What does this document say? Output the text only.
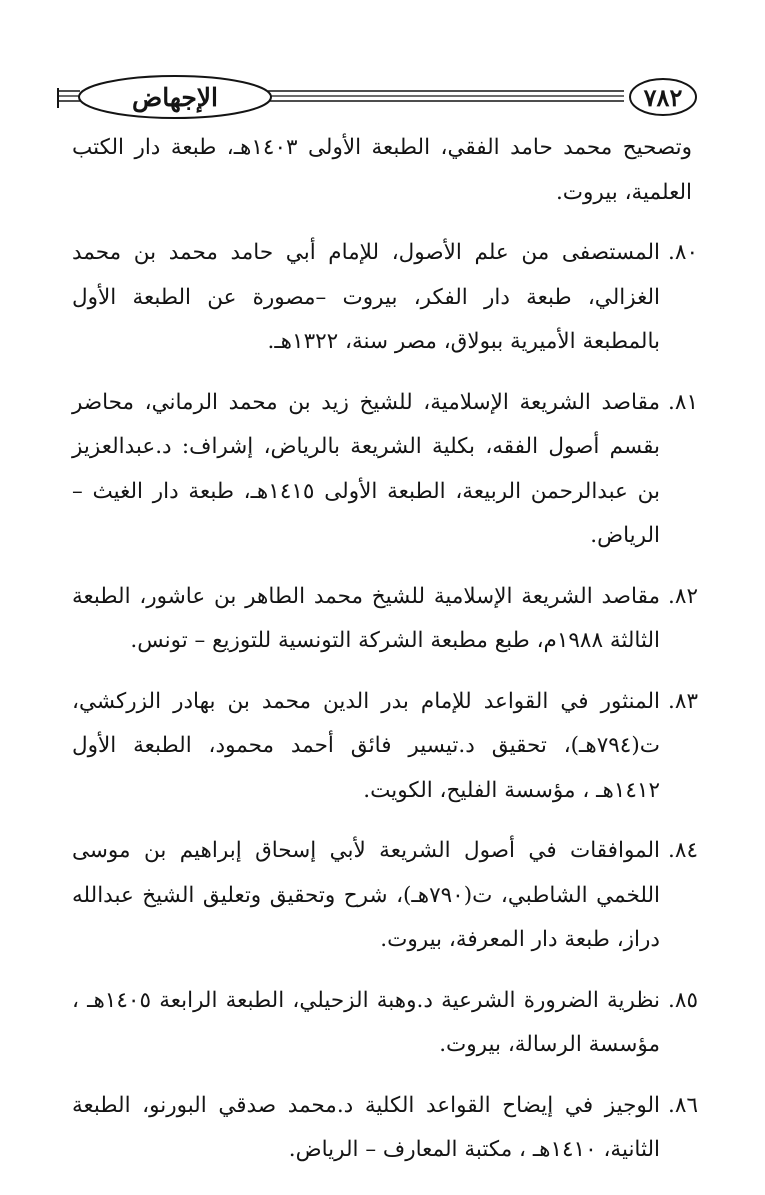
الإجهاض	٧٨٢

وتصحيح محمد حامد الفقي، الطبعة الأولى ١٤٠٣هـ، طبعة دار الكتب العلمية، بيروت.

٨٠.
المستصفى من علم الأصول، للإمام أبي حامد محمد بن محمد الغزالي، طبعة دار الفكر، بيروت –مصورة عن الطبعة الأول بالمطبعة الأميرية ببولاق، مصر سنة، ١٣٢٢هـ.

٨١.
مقاصد الشريعة الإسلامية، للشيخ زيد بن محمد الرماني، محاضر بقسم أصول الفقه، بكلية الشريعة بالرياض، إشراف: د.عبدالعزيز بن عبدالرحمن الربيعة، الطبعة الأولى ١٤١٥هـ، طبعة دار الغيث – الرياض.

٨٢.
مقاصد الشريعة الإسلامية للشيخ محمد الطاهر بن عاشور، الطبعة الثالثة ١٩٨٨م، طبع مطبعة الشركة التونسية للتوزيع – تونس.

٨٣.
المنثور في القواعد للإمام بدر الدين محمد بن بهادر الزركشي، ت(٧٩٤هـ)، تحقيق د.تيسير فائق أحمد محمود، الطبعة الأول ١٤١٢هـ ، مؤسسة الفليح، الكويت.

٨٤.
الموافقات في أصول الشريعة لأبي إسحاق إبراهيم بن موسى اللخمي الشاطبي، ت(٧٩٠هـ)، شرح وتحقيق وتعليق الشيخ عبدالله دراز، طبعة دار المعرفة، بيروت.

٨٥.
نظرية الضرورة الشرعية د.وهبة الزحيلي، الطبعة الرابعة ١٤٠٥هـ ، مؤسسة الرسالة، بيروت.

٨٦.
الوجيز في إيضاح القواعد الكلية د.محمد صدقي البورنو، الطبعة الثانية، ١٤١٠هـ ، مكتبة المعارف – الرياض.
